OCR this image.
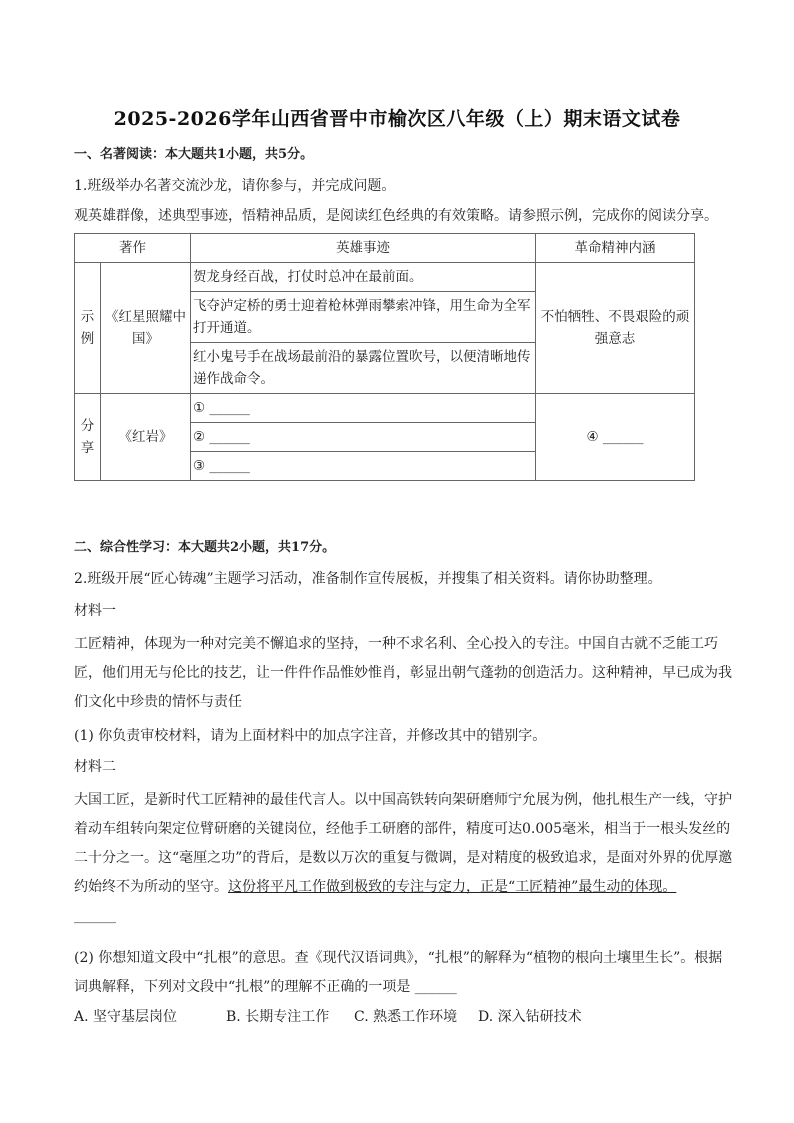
2025-2026学年山西省晋中市榆次区八年级（上）期末语文试卷
一、名著阅读：本大题共1小题，共5分。
1.班级举办名著交流沙龙，请你参与，并完成问题。
观英雄群像，述典型事迹，悟精神品质，是阅读红色经典的有效策略。请参照示例，完成你的阅读分享。
著作		英雄事迹	革命精神内涵
示例	《红星照耀中国》	贺龙身经百战，打仗时总冲在最前面。	不怕牺牲、不畏艰险的顽强意志
		飞夺泸定桥的勇士迎着枪林弹雨攀索冲锋，用生命为全军打开通道。	
		红小鬼号手在战场最前沿的暴露位置吹号，以便清晰地传递作战命令。	
分享	《红岩》	① ______	④ ______
		② ______	
		③ ______	
二、综合性学习：本大题共2小题，共17分。
2.班级开展“匠心铸魂”主题学习活动，准备制作宣传展板，并搜集了相关资料。请你协助整理。
材料一
工匠精神，体现为一种对完美不懈追求的坚持，一种不求名利、全心投入的专注。中国自古就不乏能工巧匠，他们用无与伦比的技艺，让一件件作品惟妙惟肖，彰显出朝气蓬勃的创造活力。这种精神，早已成为我们文化中珍贵的情怀与责任
(1) 你负责审校材料，请为上面材料中的加点字注音，并修改其中的错别字。
材料二
大国工匠，是新时代工匠精神的最佳代言人。以中国高铁转向架研磨师宁允展为例，他扎根生产一线，守护着动车组转向架定位臂研磨的关键岗位，经他手工研磨的部件，精度可达0.005毫米，相当于一根头发丝的二十分之一。这“毫厘之功”的背后，是数以万次的重复与微调，是对精度的极致追求，是面对外界的优厚邀约始终不为所动的坚守。这份将平凡工作做到极致的专注与定力，正是“工匠精神”最生动的体现。______
(2) 你想知道文段中“扎根”的意思。查《现代汉语词典》，“扎根”的解释为“植物的根向土壤里生长”。根据词典解释，下列对文段中“扎根”的理解不正确的一项是 ______
A. 坚守基层岗位	B. 长期专注工作 C. 熟悉工作环境 D. 深入钻研技术
